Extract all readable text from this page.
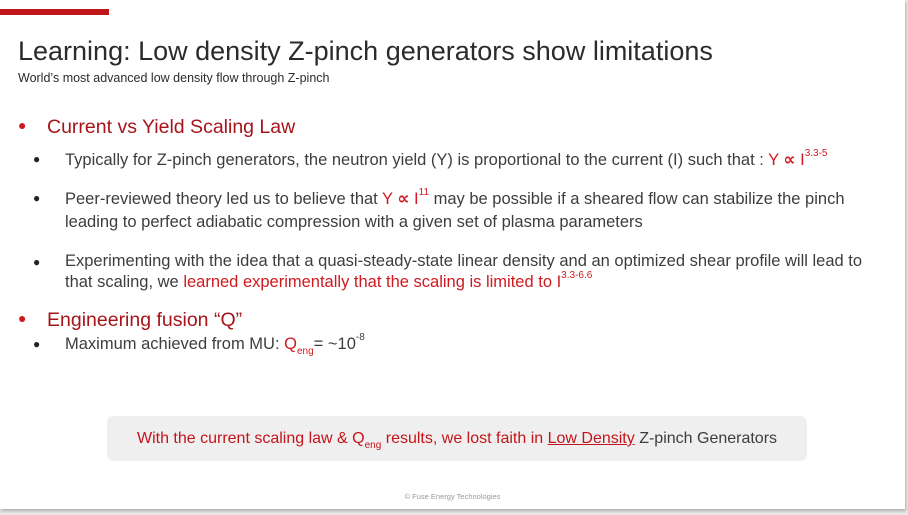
Learning: Low density Z-pinch generators show limitations
World’s most advanced low density flow through Z-pinch
● Current vs Yield Scaling Law
● Typically for Z-pinch generators, the neutron yield (Y) is proportional to the current (I) such that : $Y \propto I^{3.3-5}$
● Peer-reviewed theory led us to believe that $Y \propto I^{11}$ may be possible if a sheared flow can stabilize the pinch leading to perfect adiabatic compression with a given set of plasma parameters
● Experimenting with the idea that a quasi-steady-state linear density and an optimized shear profile will lead to that scaling, we learned experimentally that the scaling is limited to $I^{3.3-6.6}$
● Engineering fusion “Q”
● Maximum achieved from MU: $Q_{eng}=$ $\sim 10^{-8}$
With the current scaling law & $Q_{eng}$ results, we lost faith in Low Density Z-pinch Generators
© Fuse Energy Technologies
